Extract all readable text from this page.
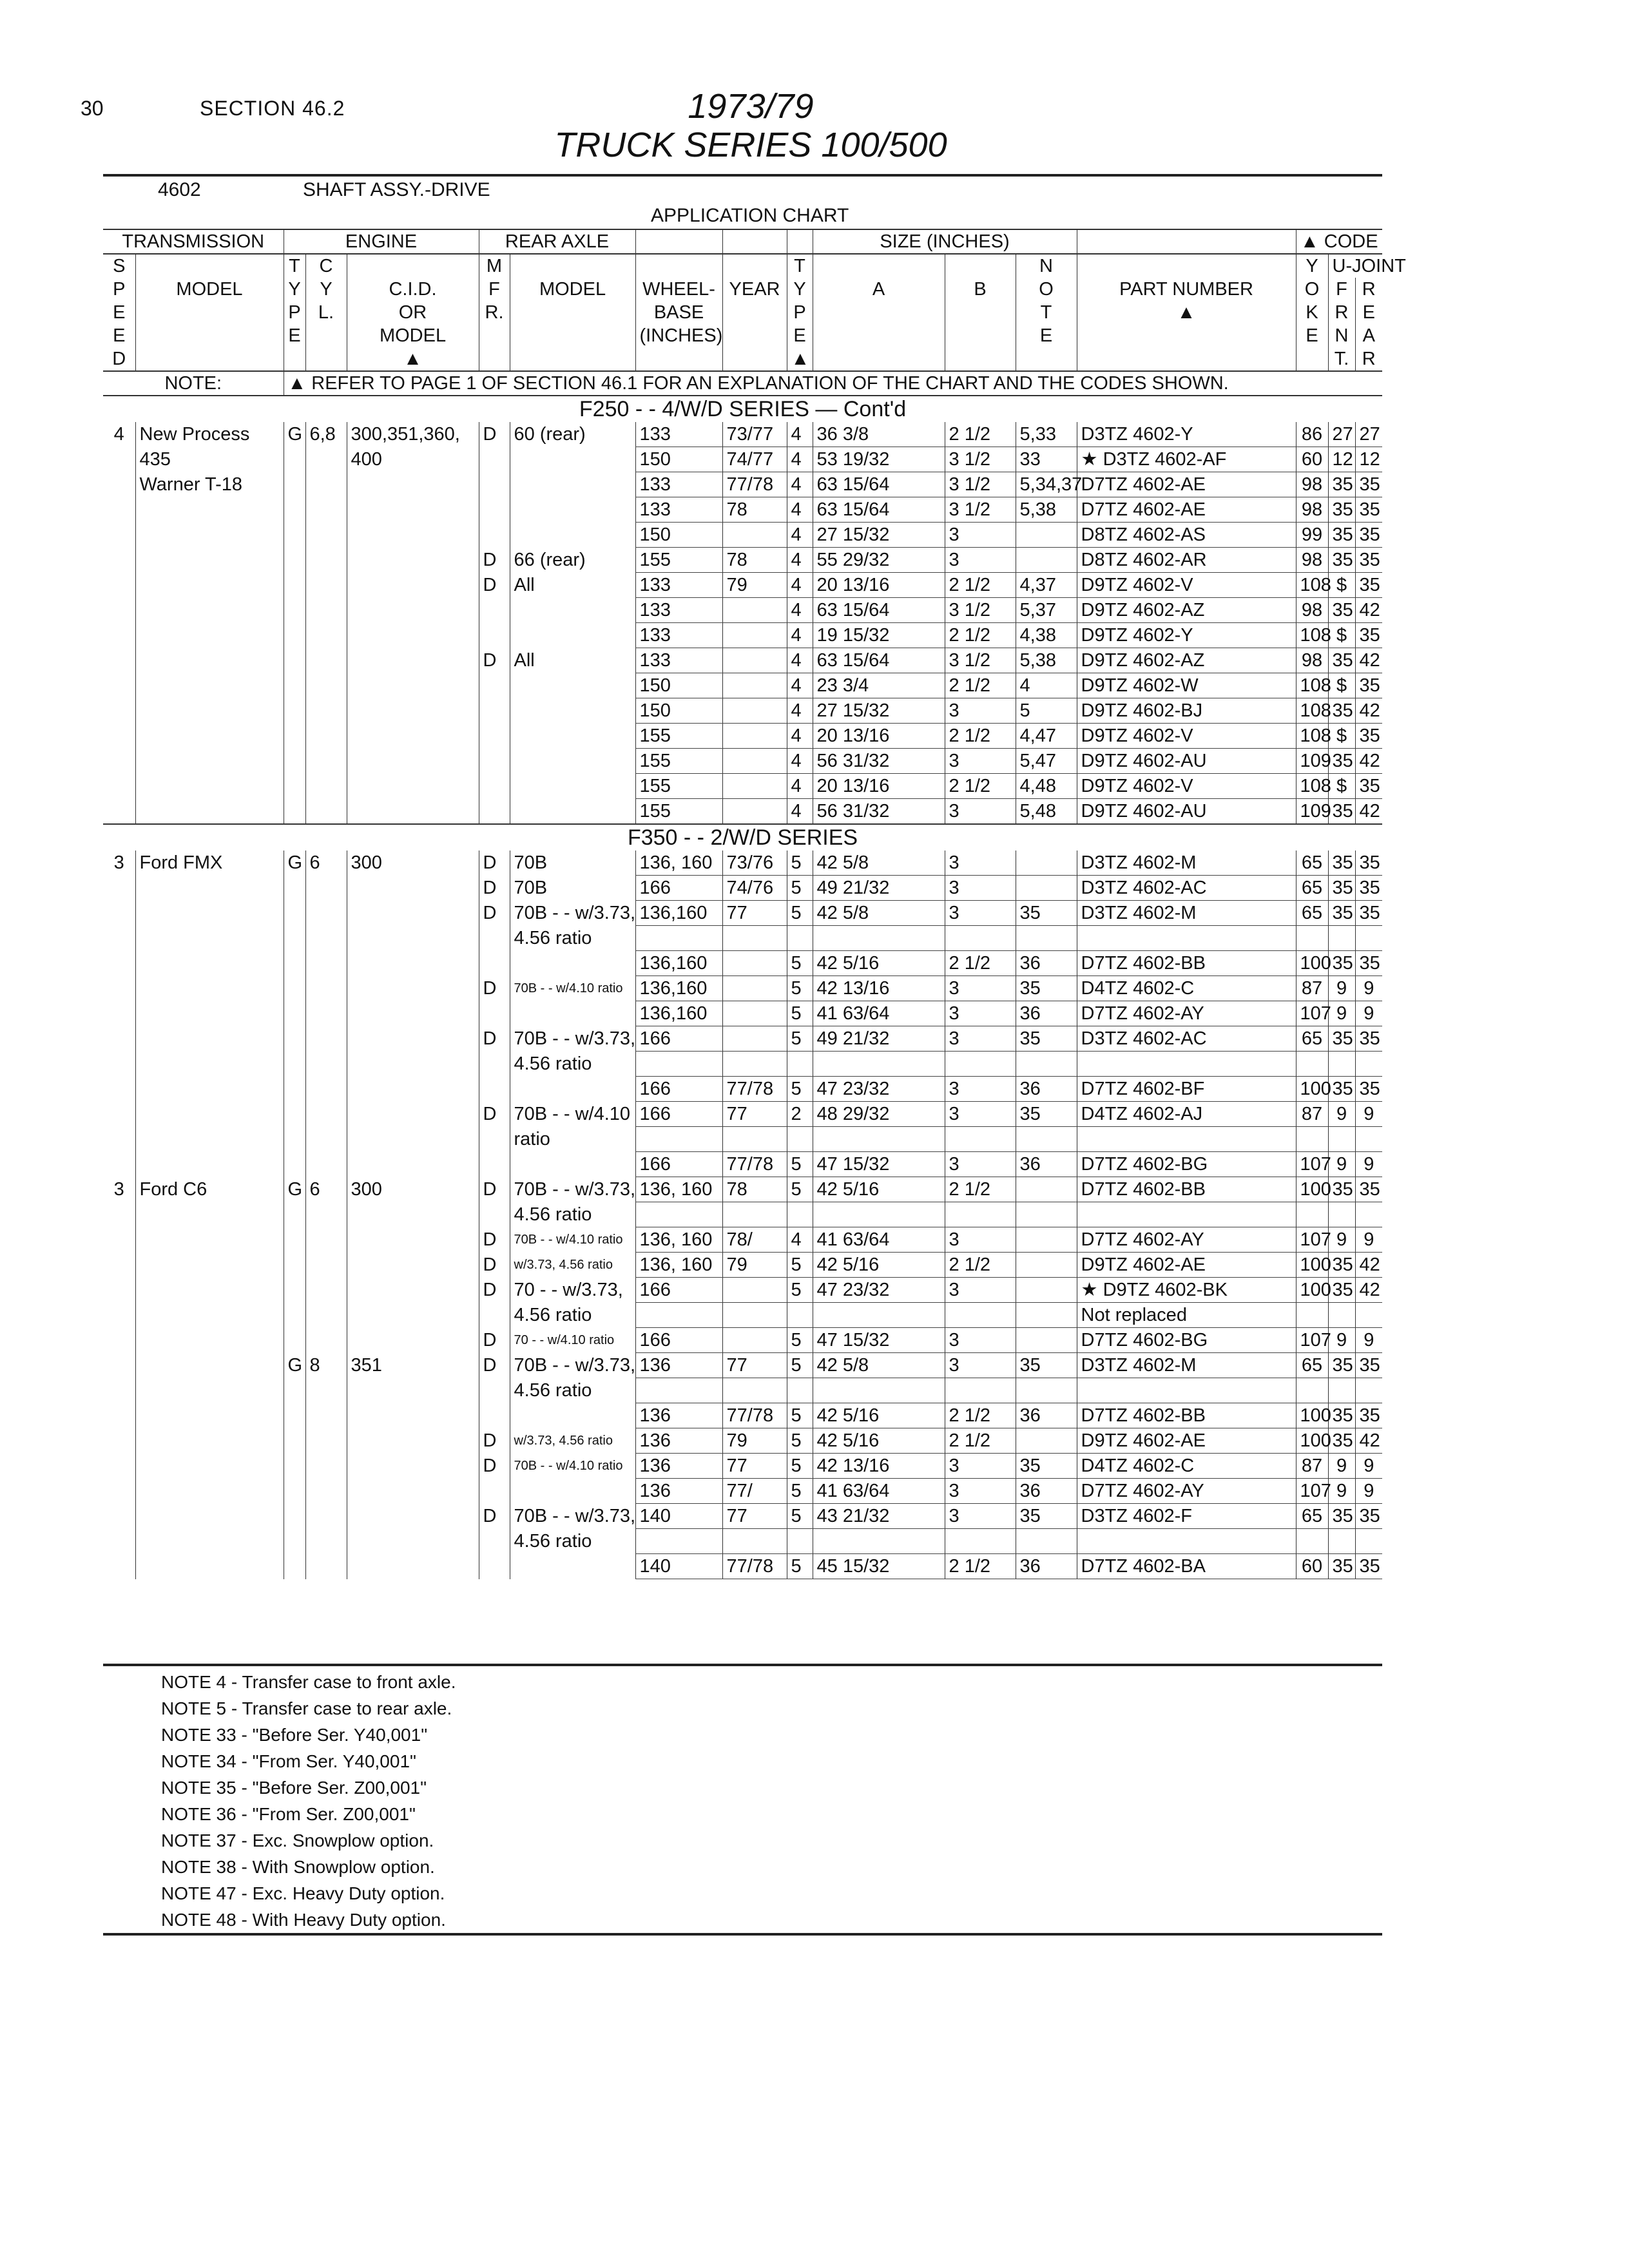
30	SECTION 46.2	1973/79
TRUCK SERIES 100/500
4602	SHAFT ASSY.-DRIVE
APPLICATION CHART
TRANSMISSION		ENGINE			REAR AXLE					SIZE (INCHES)				▲ CODE		
S		T	C		M				T			N		Y	U-JOINT	
P	MODEL	Y	Y	C.I.D.	F	MODEL	WHEEL-	YEAR	Y	A	B	O	PART NUMBER	O	F	R
E		P	L.	OR	R.		BASE		P			T	▲	K	R	E
E		E		MODEL			(INCHES)		E			E		E	N	A
D				▲					▲						T.	R
NOTE:		▲ REFER TO PAGE 1 OF SECTION 46.1 FOR AN EXPLANATION OF THE CHART AND THE CODES SHOWN.														
F250 - - 4/W/D SERIES — Cont'd																
4	New Process	G	6,8	300,351,360,	D	60 (rear)	133	73/77	4	36 3/8	2 1/2	5,33	D3TZ 4602-Y	86	27	27
	435			400			150	74/77	4	53 19/32	3 1/2	33	★ D3TZ 4602-AF	60	12	12
	Warner T-18						133	77/78	4	63 15/64	3 1/2	5,34,37	D7TZ 4602-AE	98	35	35
							133	78	4	63 15/64	3 1/2	5,38	D7TZ 4602-AE	98	35	35
							150		4	27 15/32	3		D8TZ 4602-AS	99	35	35
					D	66 (rear)	155	78	4	55 29/32	3		D8TZ 4602-AR	98	35	35
					D	All	133	79	4	20 13/16	2 1/2	4,37	D9TZ 4602-V	108	$	35
							133		4	63 15/64	3 1/2	5,37	D9TZ 4602-AZ	98	35	42
							133		4	19 15/32	2 1/2	4,38	D9TZ 4602-Y	108	$	35
					D	All	133		4	63 15/64	3 1/2	5,38	D9TZ 4602-AZ	98	35	42
							150		4	23 3/4	2 1/2	4	D9TZ 4602-W	108	$	35
							150		4	27 15/32	3	5	D9TZ 4602-BJ	108	35	42
							155		4	20 13/16	2 1/2	4,47	D9TZ 4602-V	108	$	35
							155		4	56 31/32	3	5,47	D9TZ 4602-AU	109	35	42
							155		4	20 13/16	2 1/2	4,48	D9TZ 4602-V	108	$	35
							155		4	56 31/32	3	5,48	D9TZ 4602-AU	109	35	42
F350 - - 2/W/D SERIES																
3	Ford FMX	G	6	300	D	70B	136, 160	73/76	5	42 5/8	3		D3TZ 4602-M	65	35	35
					D	70B	166	74/76	5	49 21/32	3		D3TZ 4602-AC	65	35	35
					D	70B - - w/3.73,	136,160	77	5	42 5/8	3	35	D3TZ 4602-M	65	35	35
						4.56 ratio										
							136,160		5	42 5/16	2 1/2	36	D7TZ 4602-BB	100	35	35
					D	70B - - w/4.10 ratio	136,160		5	42 13/16	3	35	D4TZ 4602-C	87	9	9
							136,160		5	41 63/64	3	36	D7TZ 4602-AY	107	9	9
					D	70B - - w/3.73,	166		5	49 21/32	3	35	D3TZ 4602-AC	65	35	35
						4.56 ratio										
							166	77/78	5	47 23/32	3	36	D7TZ 4602-BF	100	35	35
					D	70B - - w/4.10	166	77	2	48 29/32	3	35	D4TZ 4602-AJ	87	9	9
						ratio										
							166	77/78	5	47 15/32	3	36	D7TZ 4602-BG	107	9	9
3	Ford C6	G	6	300	D	70B - - w/3.73,	136, 160	78	5	42 5/16	2 1/2		D7TZ 4602-BB	100	35	35
						4.56 ratio										
					D	70B - - w/4.10 ratio	136, 160	78/	4	41 63/64	3		D7TZ 4602-AY	107	9	9
					D	w/3.73, 4.56 ratio	136, 160	79	5	42 5/16	2 1/2		D9TZ 4602-AE	100	35	42
					D	70 - - w/3.73,	166		5	47 23/32	3		★ D9TZ 4602-BK	100	35	42
						4.56 ratio							Not replaced			
					D	70 - - w/4.10 ratio	166		5	47 15/32	3		D7TZ 4602-BG	107	9	9
		G	8	351	D	70B - - w/3.73,	136	77	5	42 5/8	3	35	D3TZ 4602-M	65	35	35
						4.56 ratio										
							136	77/78	5	42 5/16	2 1/2	36	D7TZ 4602-BB	100	35	35
					D	w/3.73, 4.56 ratio	136	79	5	42 5/16	2 1/2		D9TZ 4602-AE	100	35	42
					D	70B - - w/4.10 ratio	136	77	5	42 13/16	3	35	D4TZ 4602-C	87	9	9
							136	77/	5	41 63/64	3	36	D7TZ 4602-AY	107	9	9
					D	70B - - w/3.73,	140	77	5	43 21/32	3	35	D3TZ 4602-F	65	35	35
						4.56 ratio										
							140	77/78	5	45 15/32	2 1/2	36	D7TZ 4602-BA	60	35	35
NOTE 4 - Transfer case to front axle.
NOTE 5 - Transfer case to rear axle.
NOTE 33 - "Before Ser. Y40,001"
NOTE 34 - "From Ser. Y40,001"
NOTE 35 - "Before Ser. Z00,001"
NOTE 36 - "From Ser. Z00,001"
NOTE 37 - Exc. Snowplow option.
NOTE 38 - With Snowplow option.
NOTE 47 - Exc. Heavy Duty option.
NOTE 48 - With Heavy Duty option.
